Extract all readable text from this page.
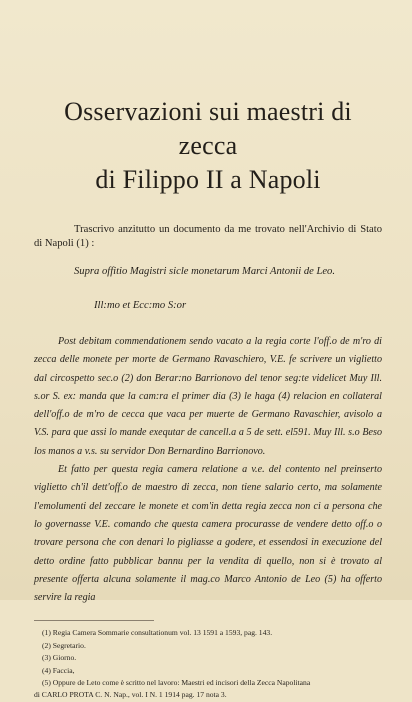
Osservazioni sui maestri di zecca
di Filippo II a Napoli

Trascrivo anzitutto un documento da me trovato nell'Archivio di Stato di Napoli (1) :

Supra offitio Magistri sicle monetarum Marci Antonii de Leo.

Ill:mo et Ecc:mo S:or

Post debitam commendationem sendo vacato a la regia corte l'off.o de m'ro di zecca delle monete per morte de Germano Ravaschiero, V.E. fe scrivere un viglietto dal circospetto sec.o (2) don Berar:no Barrionovo del tenor seg:te videlicet Muy Ill. s.or S. ex: manda que la cam:ra el primer dia (3) le haga (4) relacion en collateral dell'off.o de m'ro de cecca que vaca per muerte de Germano Ravaschier, avisolo a V.S. para que assi lo mande exequtar de cancell.a a 5 de sett. el591. Muy Ill. s.o Beso los manos a v.s. su servidor Don Bernardino Barrionovo.

Et fatto per questa regia camera relatione a v.e. del contento nel preinserto viglietto ch'il dett'off.o de maestro di zecca, non tiene salario certo, ma solamente l'emolumenti del zeccare le monete et com'in detta regia zecca non ci a persona che lo governasse V.E. comando che questa camera procurasse de vendere detto off.o o trovare persona che con denari lo pigliasse a godere, et essendosi in execuzione del detto ordine fatto pubblicar bannu per la vendita di quello, non si è trovato al presente offerta alcuna solamente il mag.co Marco Antonio de Leo (5) ha offerto servire la regia

(1) Regia Camera Sommarie consultationum vol. 13 1591 a 1593, pag. 143.
(2) Segretario.
(3) Giorno.
(4) Faccia,
(5) Oppure de Leto come è scritto nel lavoro: Maestri ed incisori della Zecca Napolitana
di CARLO PROTA C. N. Nap., vol. I N. 1 1914 pag. 17 nota 3.
